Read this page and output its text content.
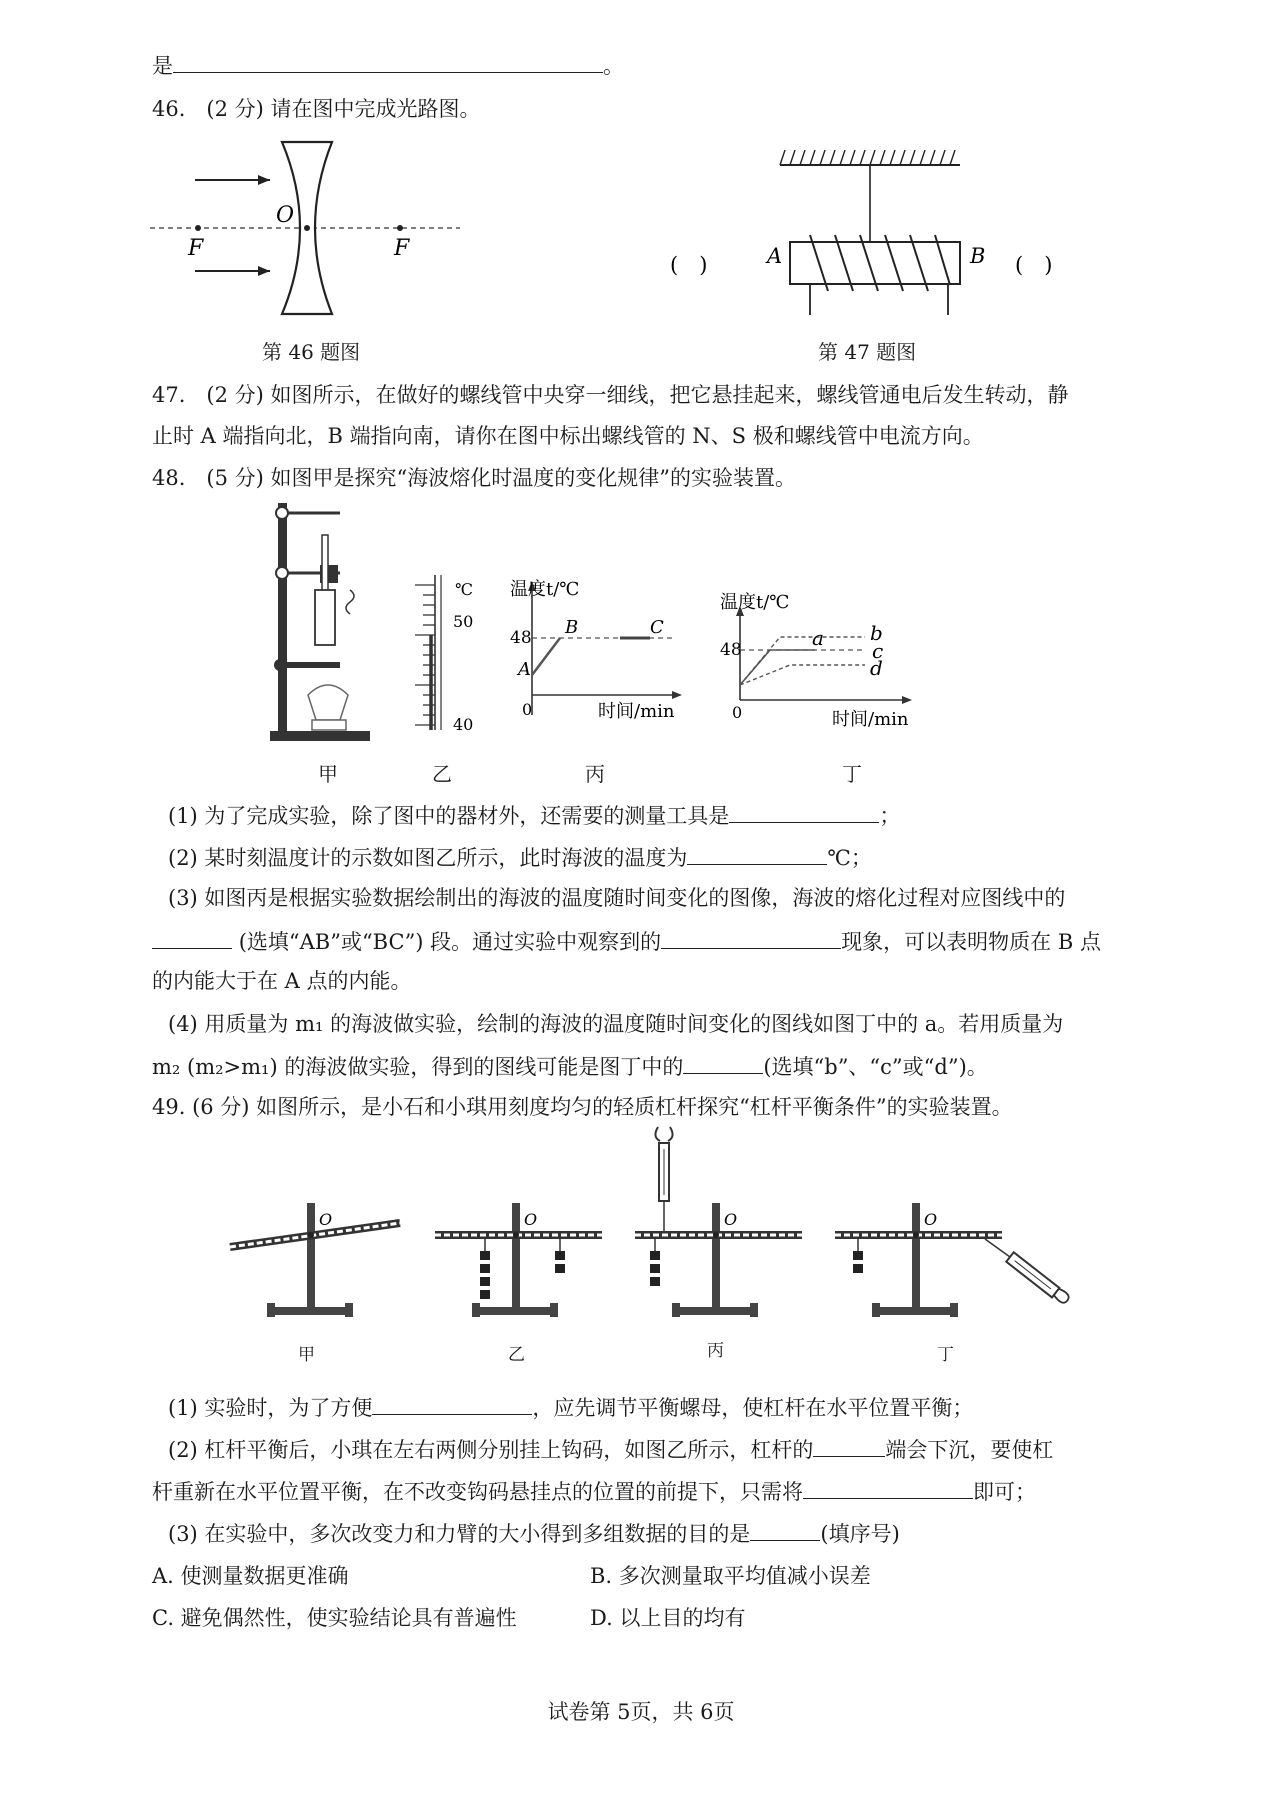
是	。
46.　(2 分) 请在图中完成光路图。
O
F	F
第 46 题图
A	B
(　)	(　)
第 47 题图
47.　(2 分) 如图所示，在做好的螺线管中央穿一细线，把它悬挂起来，螺线管通电后发生转动，静
止时 A 端指向北，B 端指向南，请你在图中标出螺线管的 N、S 极和螺线管中电流方向。
48.　(5 分) 如图甲是探究“海波熔化时温度的变化规律”的实验装置。
℃
50
40
48
0
温度t/℃
时间/min
A
B	C
48
0
温度t/℃
时间/min
a b
c
d
甲	乙	丙	丁
(1) 为了完成实验，除了图中的器材外，还需要的测量工具是	；
(2) 某时刻温度计的示数如图乙所示，此时海波的温度为	℃；
(3) 如图丙是根据实验数据绘制出的海波的温度随时间变化的图像，海波的熔化过程对应图线中的
(选填“AB”或“BC”) 段。通过实验中观察到的	现象，可以表明物质在 B 点
的内能大于在 A 点的内能。
(4) 用质量为 m₁ 的海波做实验，绘制的海波的温度随时间变化的图线如图丁中的 a。若用质量为
m₂ (m₂>m₁) 的海波做实验，得到的图线可能是图丁中的	(选填“b”、“c”或“d”)。
49. (6 分) 如图所示，是小石和小琪用刻度均匀的轻质杠杆探究“杠杆平衡条件”的实验装置。
O	O	O	O
甲	乙	丙	丁
(1) 实验时，为了方便	，应先调节平衡螺母，使杠杆在水平位置平衡；
(2) 杠杆平衡后，小琪在左右两侧分别挂上钩码，如图乙所示，杠杆的	端会下沉，要使杠
杆重新在水平位置平衡，在不改变钩码悬挂点的位置的前提下，只需将	即可；
(3) 在实验中，多次改变力和力臂的大小得到多组数据的目的是	(填序号)
A. 使测量数据更准确	B. 多次测量取平均值减小误差
C. 避免偶然性，使实验结论具有普遍性	D. 以上目的均有
试卷第 5页，共 6页
